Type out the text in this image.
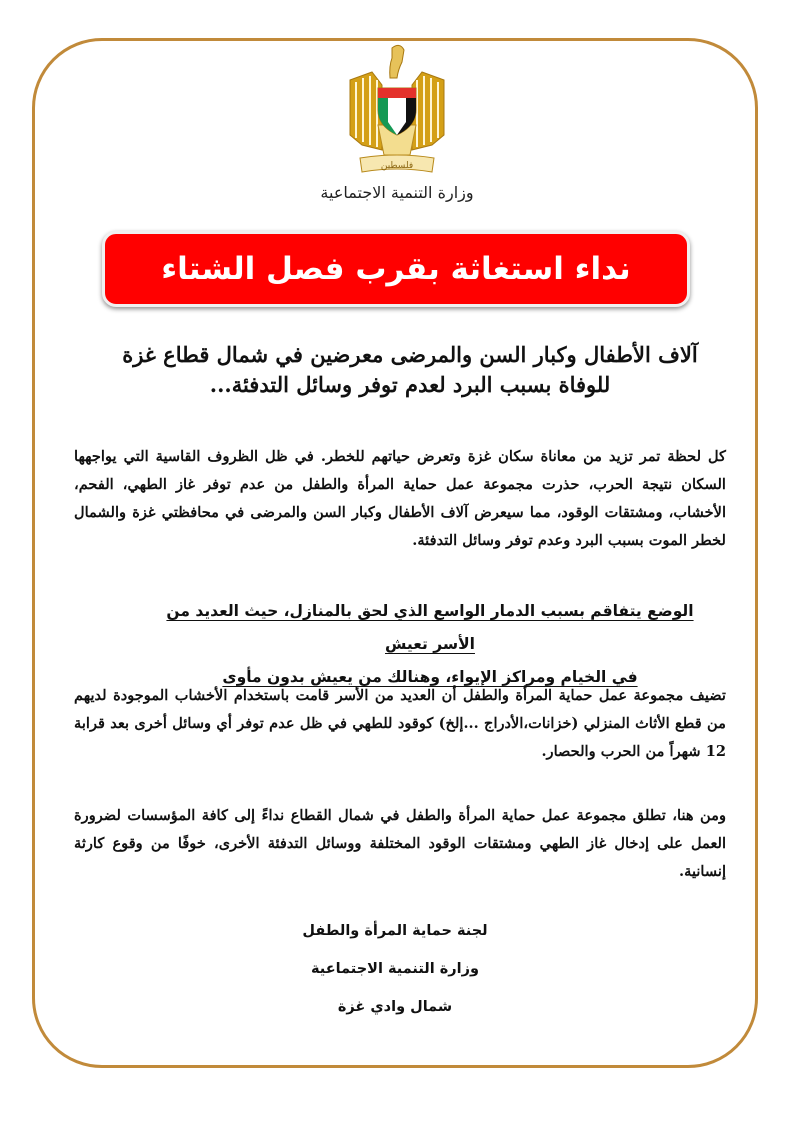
فلسطين
وزارة التنمية الاجتماعية
نداء استغاثة بقرب فصل الشتاء
آلاف الأطفال وكبار السن والمرضى معرضين في شمال قطاع غزة
للوفاة بسبب البرد لعدم توفر وسائل التدفئة...
كل لحظة تمر تزيد من معاناة سكان غزة وتعرض حياتهم للخطر. في ظل الظروف القاسية التي يواجهها السكان نتيجة الحرب، حذرت مجموعة عمل حماية المرأة والطفل من عدم توفر غاز الطهي، الفحم، الأخشاب، ومشتقات الوقود، مما سيعرض آلاف الأطفال وكبار السن والمرضى في محافظتي غزة والشمال لخطر الموت بسبب البرد وعدم توفر وسائل التدفئة.
الوضع يتفاقم بسبب الدمار الواسع الذي لحق بالمنازل، حيث العديد من الأسر تعيش
في الخيام ومراكز الإيواء، وهنالك من يعيش بدون مأوى
تضيف مجموعة عمل حماية المرأة والطفل أن العديد من الأسر قامت باستخدام الأخشاب الموجودة لديهم من قطع الأثاث المنزلي (خزانات،الأدراج ...إلخ) كوقود للطهي في ظل عدم توفر أي وسائل أخرى بعد قرابة 12 شهراً من الحرب والحصار.
ومن هنا، تطلق مجموعة عمل حماية المرأة والطفل في شمال القطاع نداءً إلى كافة المؤسسات لضرورة العمل على إدخال غاز الطهي ومشتقات الوقود المختلفة ووسائل التدفئة الأخرى، خوفًا من وقوع كارثة إنسانية.
لجنة حماية المرأة والطفل
وزارة التنمية الاجتماعية
شمال وادي غزة
